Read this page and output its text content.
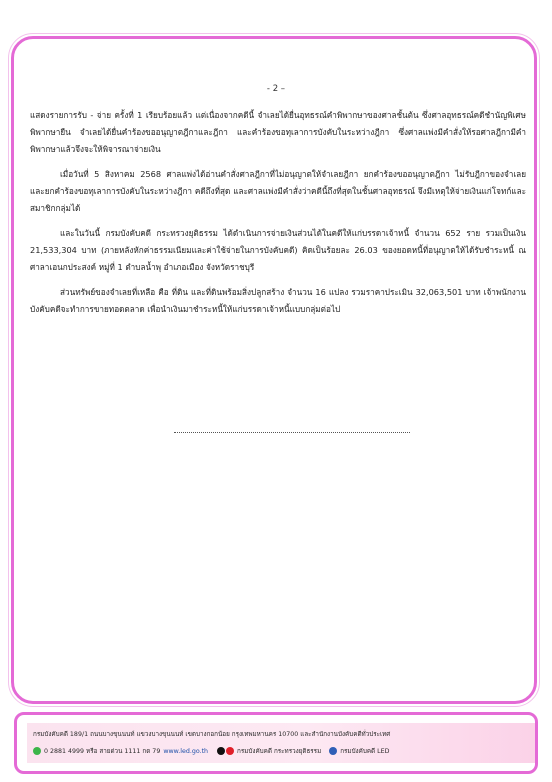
- 2 –

แสดงรายการรับ - จ่าย ครั้งที่ 1 เรียบร้อยแล้ว แต่เนื่องจากคดีนี้ จำเลยได้ยื่นอุทธรณ์คำพิพากษาของศาลชั้นต้น ซึ่งศาลอุทธรณ์คดีชำนัญพิเศษพิพากษายืน จำเลยได้ยื่นคำร้องขออนุญาตฎีกาและฎีกา และคำร้องขอทุเลาการบังคับในระหว่างฎีกา ซึ่งศาลแพ่งมีคำสั่งให้รอศาลฎีกามีคำพิพากษาแล้วจึงจะให้พิจารณาจ่ายเงิน

เมื่อวันที่ 5 สิงหาคม 2568 ศาลแพ่งได้อ่านคำสั่งศาลฎีกาที่ไม่อนุญาตให้จำเลยฎีกา ยกคำร้องขออนุญาตฎีกา ไม่รับฎีกาของจำเลย และยกคำร้องขอทุเลาการบังคับในระหว่างฎีกา คดีถึงที่สุด และศาลแพ่งมีคำสั่งว่าคดีนี้ถึงที่สุดในชั้นศาลอุทธรณ์ จึงมีเหตุให้จ่ายเงินแก่โจทก์และสมาชิกกลุ่มได้

และในวันนี้ กรมบังคับคดี กระทรวงยุติธรรม ได้ดำเนินการจ่ายเงินส่วนได้ในคดีให้แก่บรรดาเจ้าหนี้ จำนวน 652 ราย รวมเป็นเงิน 21,533,304 บาท (ภายหลังหักค่าธรรมเนียมและค่าใช้จ่ายในการบังคับคดี) คิดเป็นร้อยละ 26.03 ของยอดหนี้ที่อนุญาตให้ได้รับชำระหนี้ ณ ศาลาเอนกประสงค์ หมู่ที่ 1 ตำบลน้ำพุ อำเภอเมือง จังหวัดราชบุรี

ส่วนทรัพย์ของจำเลยที่เหลือ คือ ที่ดิน และที่ดินพร้อมสิ่งปลูกสร้าง จำนวน 16 แปลง รวมราคาประเมิน 32,063,501 บาท เจ้าพนักงานบังคับคดีจะทำการขายทอดตลาด เพื่อนำเงินมาชำระหนี้ให้แก่บรรดาเจ้าหนี้แบบกลุ่มต่อไป

กรมบังคับคดี 189/1 ถนนบางขุนนนท์ แขวงบางขุนนนท์ เขตบางกอกน้อย กรุงเทพมหานคร 10700 และสำนักงานบังคับคดีทั่วประเทศ
0 2881 4999 หรือ สายด่วน 1111 กด 79 www.led.go.th	กรมบังคับคดี กระทรวงยุติธรรม	กรมบังคับคดี LED
